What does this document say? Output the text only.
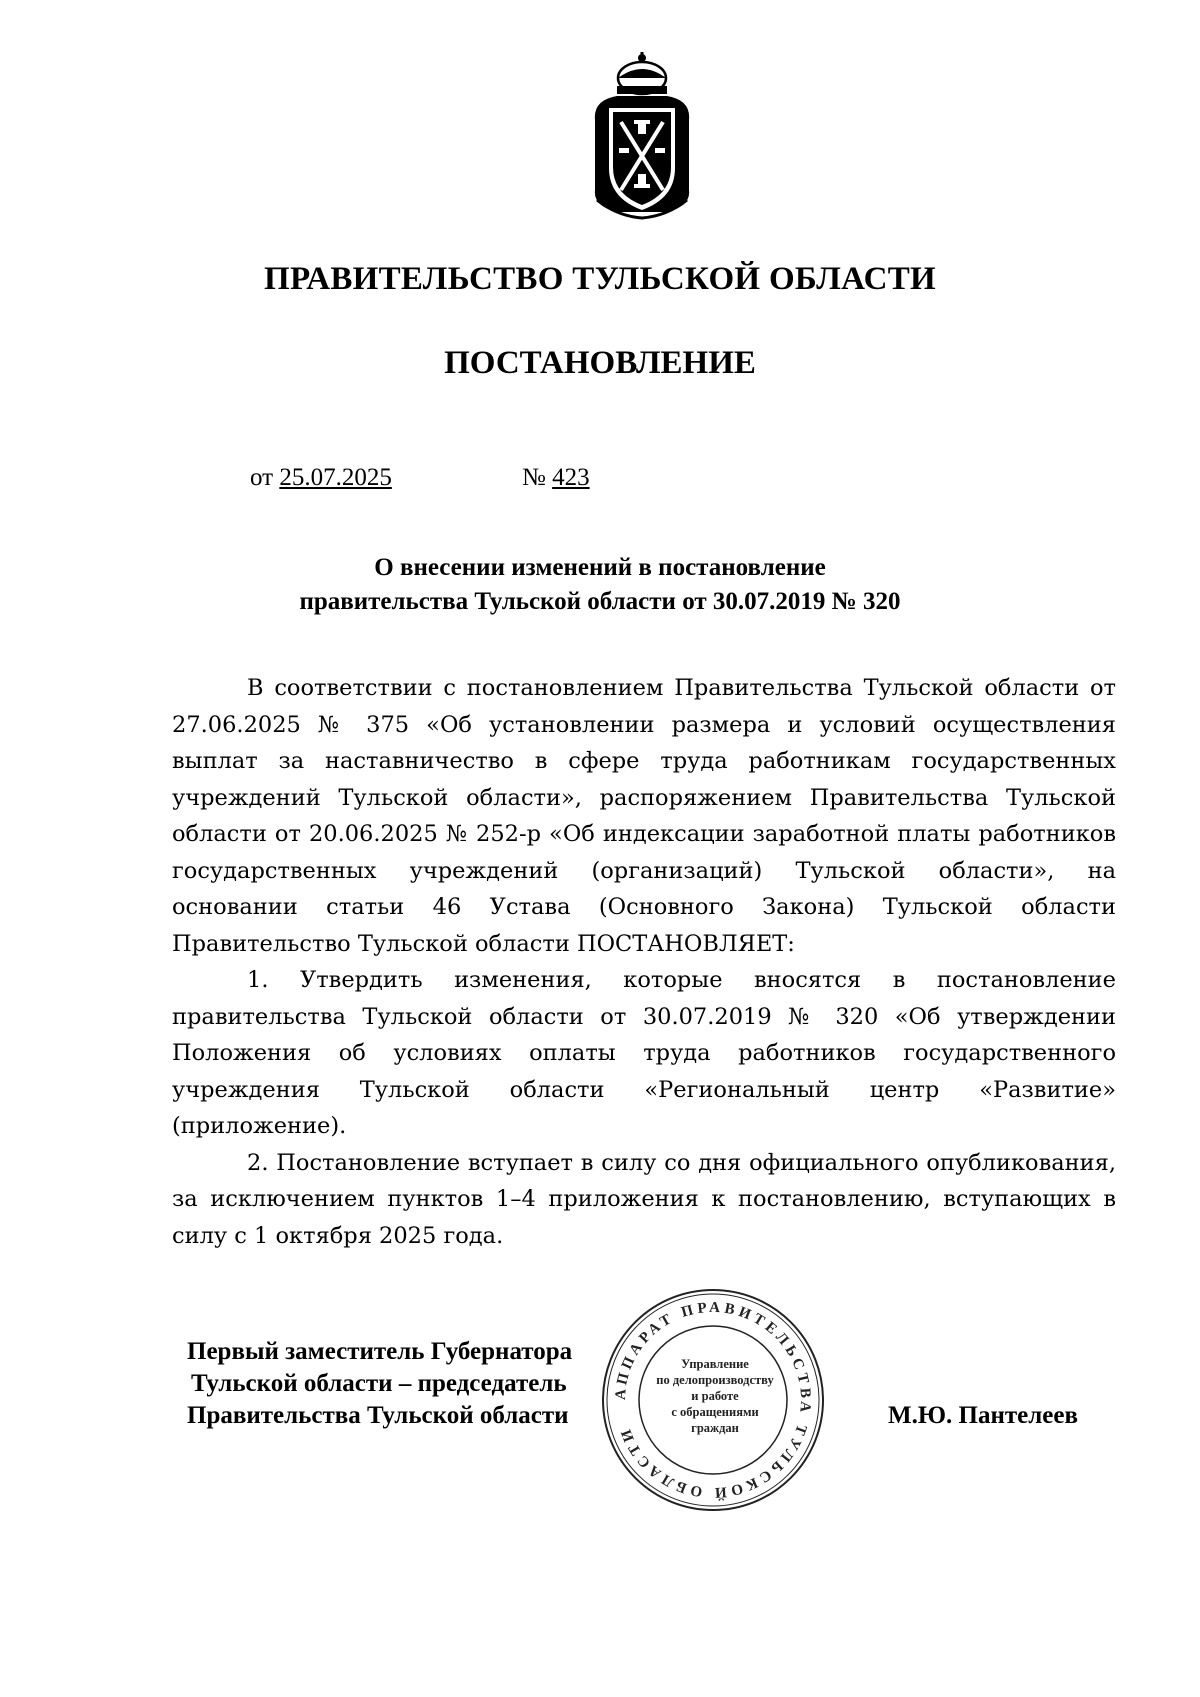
ПРАВИТЕЛЬСТВО ТУЛЬСКОЙ ОБЛАСТИ
ПОСТАНОВЛЕНИЕ
от 25.07.2025	№ 423
О внесении изменений в постановление
правительства Тульской области от 30.07.2019 № 320

В соответствии с постановлением Правительства Тульской области от 27.06.2025 № 375 «Об установлении размера и условий осуществления выплат за наставничество в сфере труда работникам государственных учреждений Тульской области», распоряжением Правительства Тульской области от 20.06.2025 № 252-р «Об индексации заработной платы работников государственных учреждений (организаций) Тульской области», на основании статьи 46 Устава (Основного Закона) Тульской области Правительство Тульской области ПОСТАНОВЛЯЕТ:

1. Утвердить изменения, которые вносятся в постановление правительства Тульской области от 30.07.2019 № 320 «Об утверждении Положения об условиях оплаты труда работников государственного учреждения Тульской области «Региональный центр «Развитие» (приложение).

2. Постановление вступает в силу со дня официального опубликования, за исключением пунктов 1–4 приложения к постановлению, вступающих в силу с 1 октября 2025 года.

Первый заместитель Губернатора
Тульской области – председатель
Правительства Тульской области
АППАРАТ ПРАВИТЕЛЬСТВА ТУЛЬСКОЙ ОБЛАСТИ
Управление
по делопроизводству
и работе
с обращениями
граждан	М.Ю. Пантелеев
